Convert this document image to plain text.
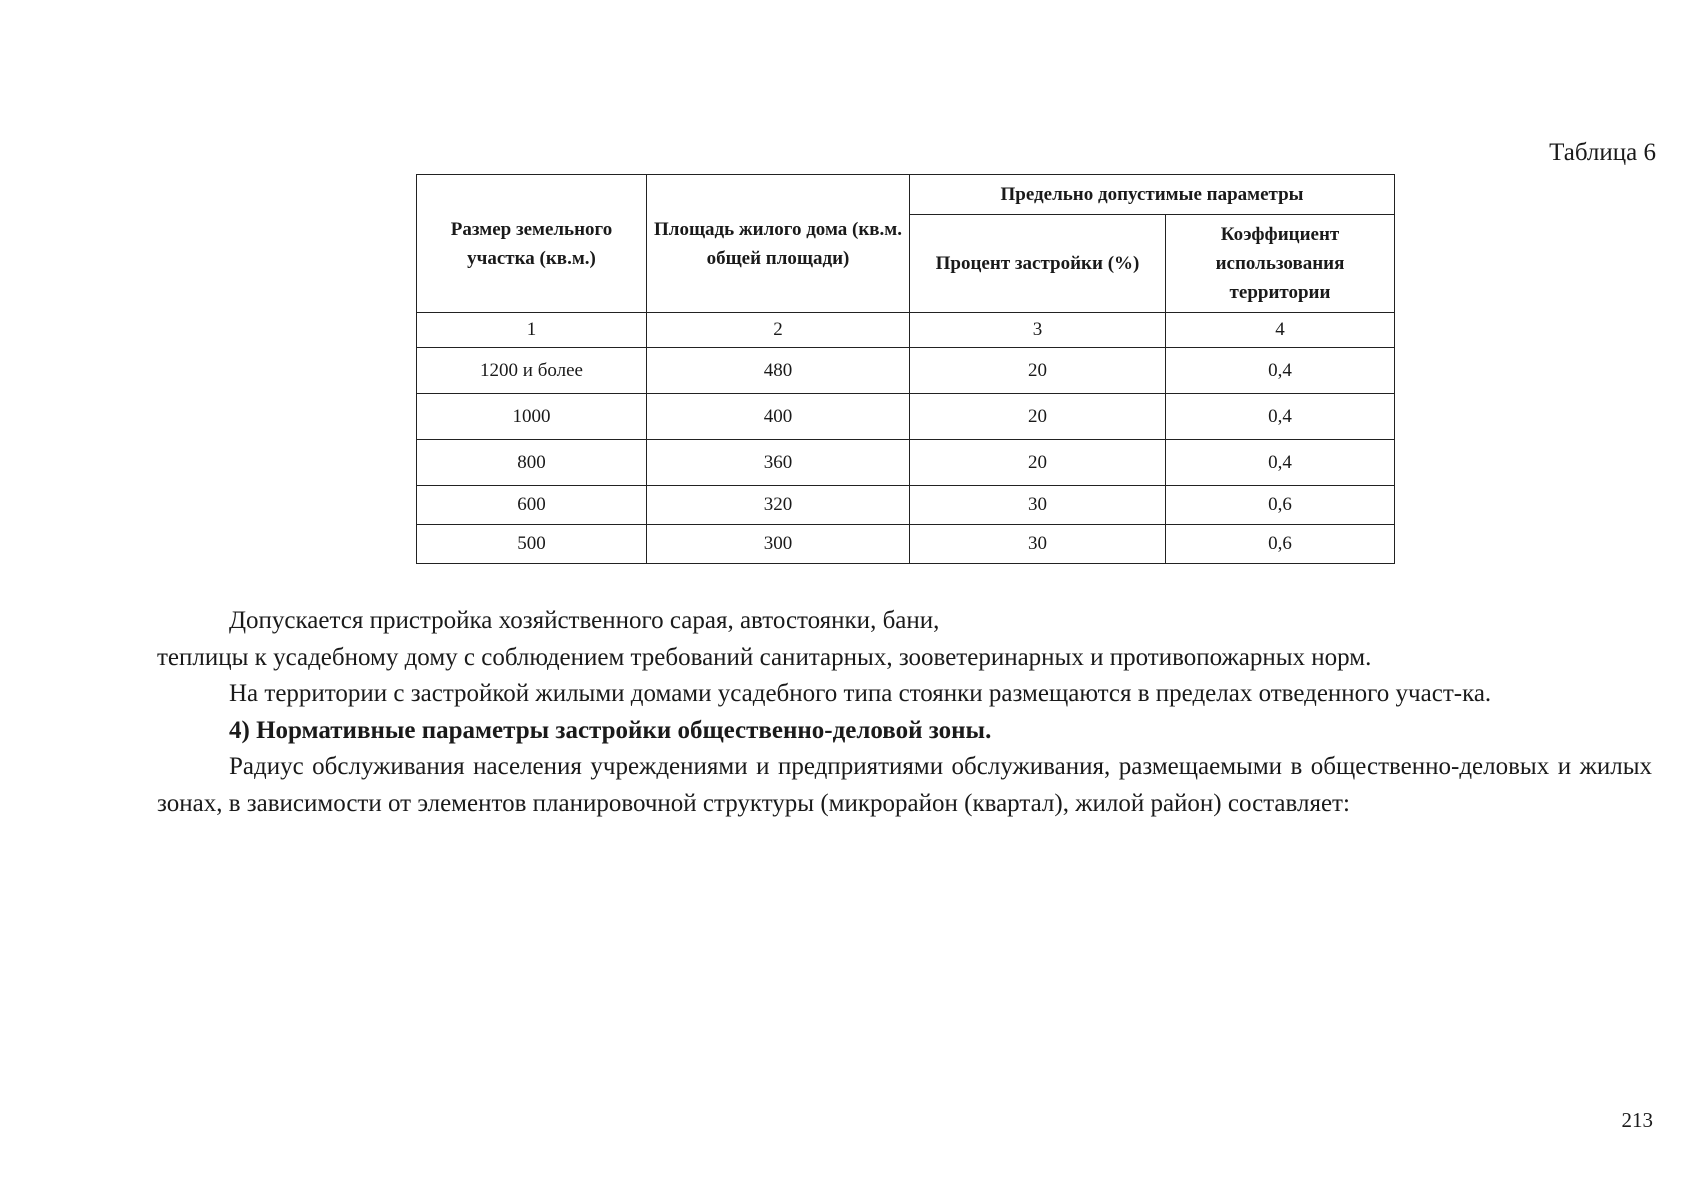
Таблица 6
Размер земельного участка (кв.м.)	Площадь жилого дома (кв.м. общей площади)	Предельно допустимые параметры	
		Процент застройки (%)	Коэффициент использования территории
1	2	3	4
1200 и более	480	20	0,4
1000	400	20	0,4
800	360	20	0,4
600	320	30	0,6
500	300	30	0,6

Допускается пристройка хозяйственного сарая, автостоянки, бани,

теплицы к усадебному дому с соблюдением требований санитарных, зооветеринарных и противопожарных норм.

На территории с застройкой жилыми домами усадебного типа стоянки размещаются в пределах отведенного участ-ка.

4) Нормативные параметры застройки общественно-деловой зоны.

Радиус обслуживания населения учреждениями и предприятиями обслуживания, размещаемыми в общественно-деловых и жилых зонах, в зависимости от элементов планировочной структуры (микрорайон (квартал), жилой район) составляет:

213
